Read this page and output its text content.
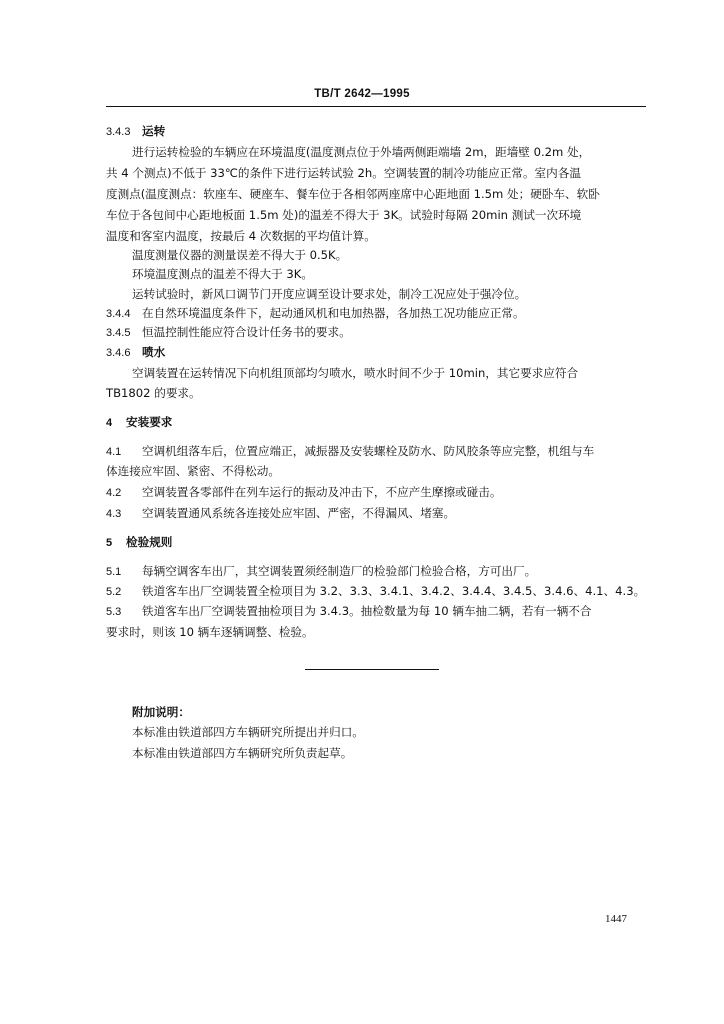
TB/T 2642—1995
3.4.3 运转
进行运转检验的车辆应在环境温度(温度测点位于外墙两侧距端墙 2m，距墙壁 0.2m 处，
共 4 个测点)不低于 33℃的条件下进行运转试验 2h。空调装置的制冷功能应正常。室内各温
度测点(温度测点：软座车、硬座车、餐车位于各相邻两座席中心距地面 1.5m 处；硬卧车、软卧
车位于各包间中心距地板面 1.5m 处)的温差不得大于 3K。试验时每隔 20min 测试一次环境
温度和客室内温度，按最后 4 次数据的平均值计算。
温度测量仪器的测量误差不得大于 0.5K。
环境温度测点的温差不得大于 3K。
运转试验时，新风口调节门开度应调至设计要求处，制冷工况应处于强冷位。
3.4.4 在自然环境温度条件下，起动通风机和电加热器，各加热工况功能应正常。
3.4.5 恒温控制性能应符合设计任务书的要求。
3.4.6 喷水
空调装置在运转情况下向机组顶部均匀喷水，喷水时间不少于 10min，其它要求应符合
TB1802 的要求。
4 安装要求
4.1 空调机组落车后，位置应端正，减振器及安装螺栓及防水、防风胶条等应完整，机组与车
体连接应牢固、紧密、不得松动。
4.2 空调装置各零部件在列车运行的振动及冲击下，不应产生摩擦或碰击。
4.3 空调装置通风系统各连接处应牢固、严密，不得漏风、堵塞。
5 检验规则
5.1 每辆空调客车出厂，其空调装置须经制造厂的检验部门检验合格，方可出厂。
5.2 铁道客车出厂空调装置全检项目为 3.2、3.3、3.4.1、3.4.2、3.4.4、3.4.5、3.4.6、4.1、4.3。
5.3 铁道客车出厂空调装置抽检项目为 3.4.3。抽检数量为每 10 辆车抽二辆，若有一辆不合
要求时，则该 10 辆车逐辆调整、检验。
附加说明：
本标准由铁道部四方车辆研究所提出并归口。
本标准由铁道部四方车辆研究所负责起草。
1447
